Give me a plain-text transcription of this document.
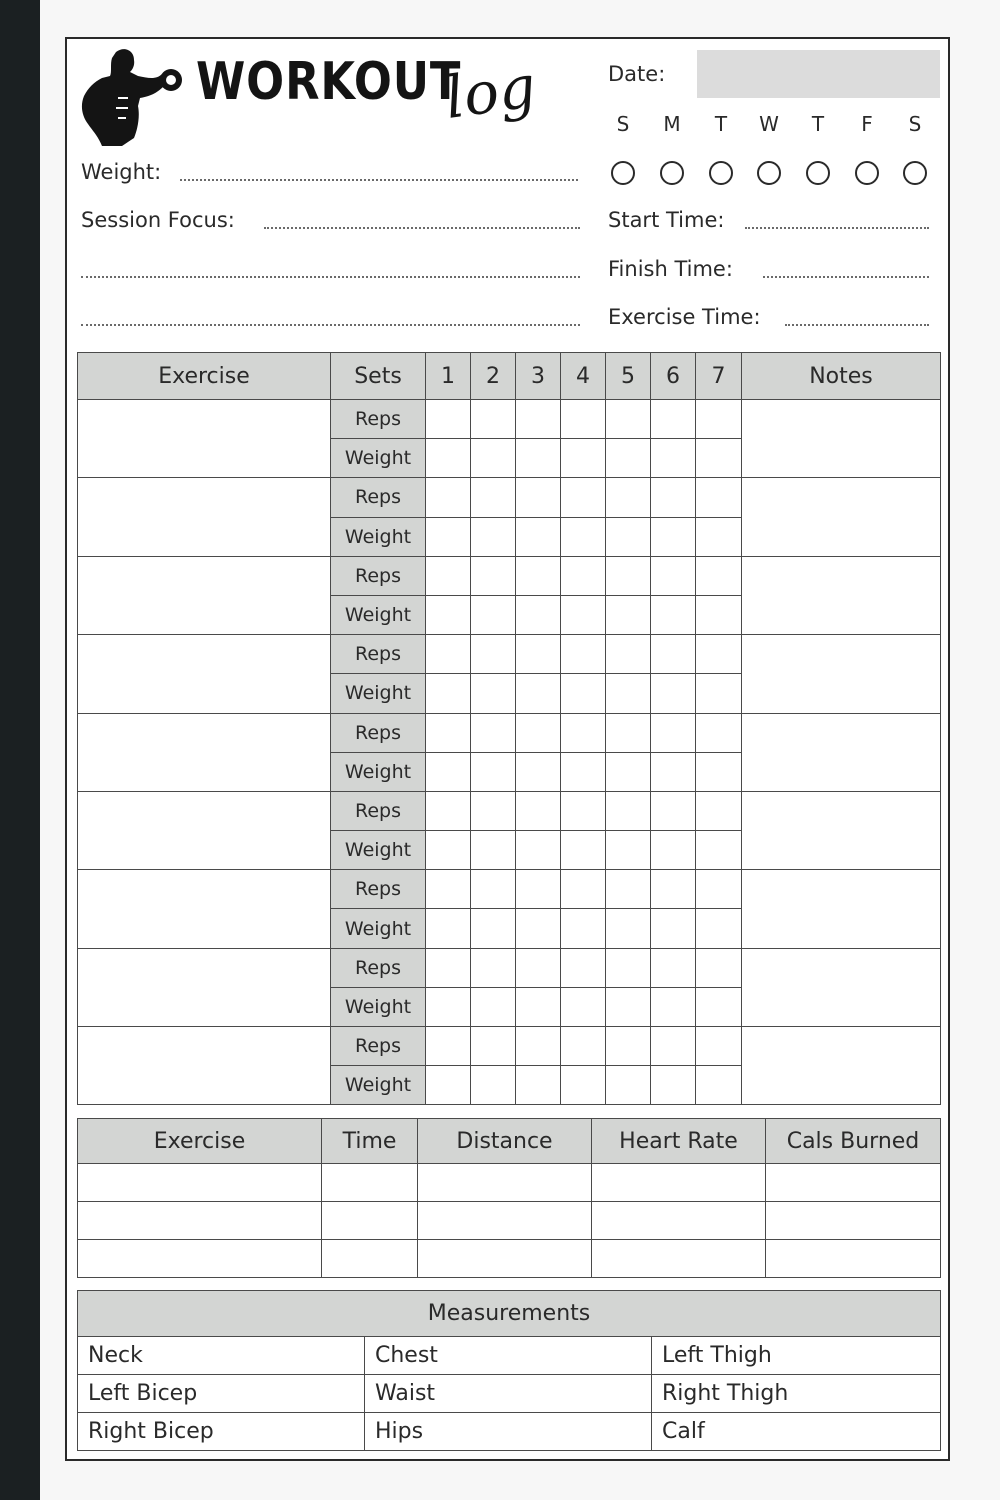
WORKOUT
log
Weight:
Session Focus:
Date:
S	M	T	W	T	F	S
Start Time:
Finish Time:
Exercise Time:
Exercise	Sets	1	2	3	4	5	6	7	Notes
	Reps								
	Weight								
	Reps								
	Weight								
	Reps								
	Weight								
	Reps								
	Weight								
	Reps								
	Weight								
	Reps								
	Weight								
	Reps								
	Weight								
	Reps								
	Weight								
	Reps								
	Weight								
Exercise	Time	Distance	Heart Rate	Cals Burned

Measurements		
Neck	Chest	Left Thigh
Left Bicep	Waist	Right Thigh
Right Bicep	Hips	Calf
